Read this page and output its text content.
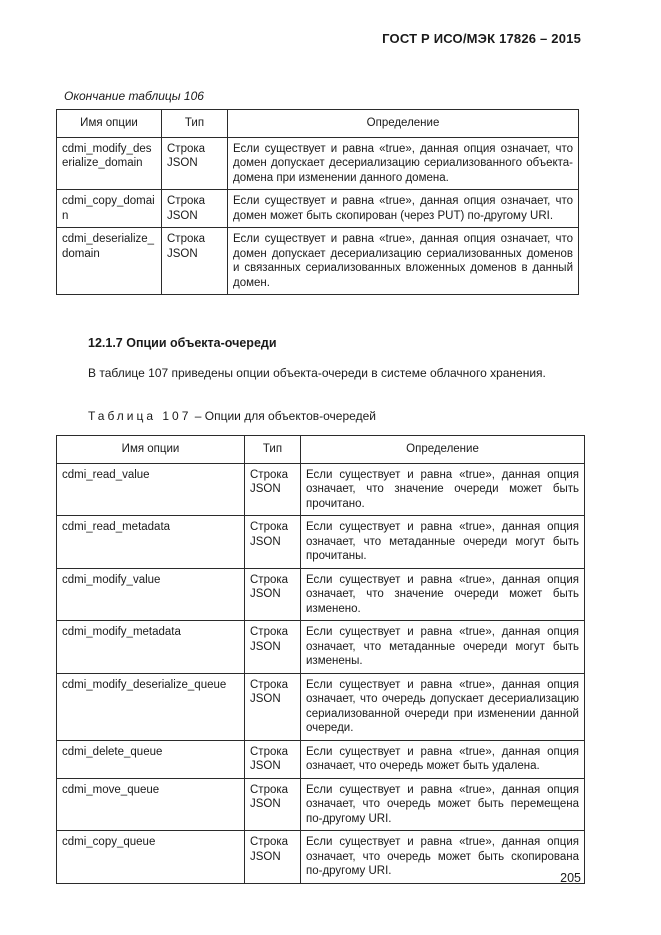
ГОСТ Р ИСО/МЭК 17826 – 2015
Окончание таблицы 106
Имя опции	Тип	Определение
cdmi_modify_deserialize_domain	Строка JSON	Если существует и равна «true», данная опция означает, что домен допускает десериализацию сериализованного объекта-домена при изменении данного домена.
cdmi_copy_domain	Строка JSON	Если существует и равна «true», данная опция означает, что домен может быть скопирован (через PUT) по-другому URI.
cdmi_deserialize_domain	Строка JSON	Если существует и равна «true», данная опция означает, что домен допускает десериализацию сериализованных доменов и связанных сериализованных вложенных доменов в данный домен.
12.1.7 Опции объекта-очереди
В таблице 107 приведены опции объекта-очереди в системе облачного хранения.
Таблица 107 – Опции для объектов-очередей
Имя опции	Тип	Определение
cdmi_read_value	Строка JSON	Если существует и равна «true», данная опция означает, что значение очереди может быть прочитано.
cdmi_read_metadata	Строка JSON	Если существует и равна «true», данная опция означает, что метаданные очереди могут быть прочитаны.
cdmi_modify_value	Строка JSON	Если существует и равна «true», данная опция означает, что значение очереди может быть изменено.
cdmi_modify_metadata	Строка JSON	Если существует и равна «true», данная опция означает, что метаданные очереди могут быть изменены.
cdmi_modify_deserialize_queue	Строка JSON	Если существует и равна «true», данная опция означает, что очередь допускает десериализацию сериализованной очереди при изменении данной очереди.
cdmi_delete_queue	Строка JSON	Если существует и равна «true», данная опция означает, что очередь может быть удалена.
cdmi_move_queue	Строка JSON	Если существует и равна «true», данная опция означает, что очередь может быть перемещена по-другому URI.
cdmi_copy_queue	Строка JSON	Если существует и равна «true», данная опция означает, что очередь может быть скопирована по-другому URI.	205
